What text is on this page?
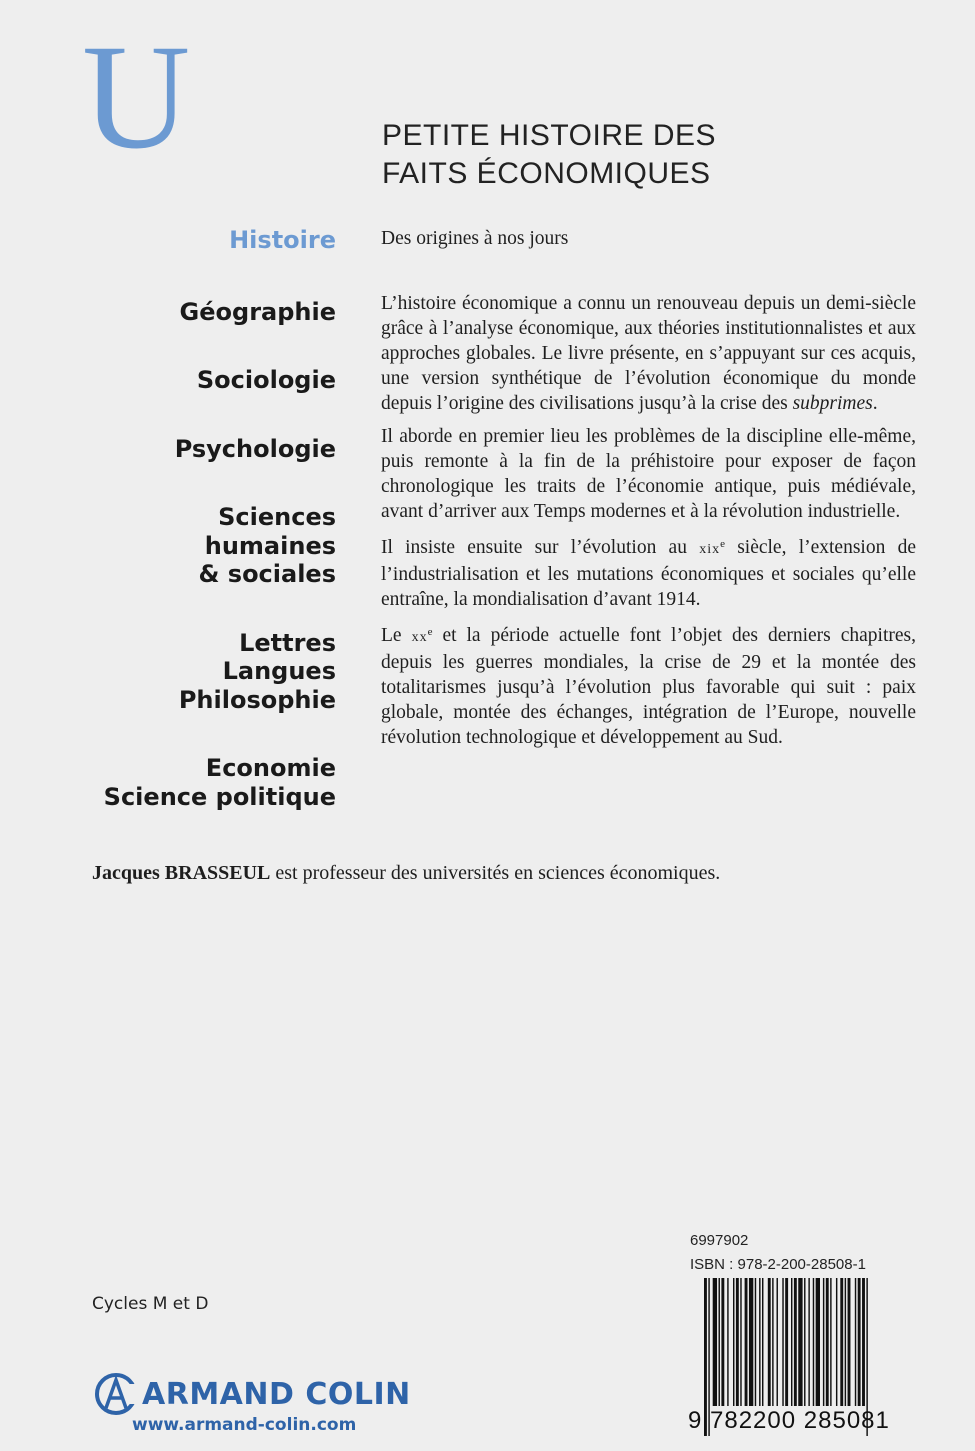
U	PETITE HISTOIRE DES
FAITS ÉCONOMIQUES
Histoire
Géographie
Sociologie
Psychologie
Sciences
humaines
& sociales
Lettres
Langues
Philosophie
Economie
Science politique

Des origines à nos jours

L’histoire économique a connu un renouveau depuis un demi-siècle grâce à l’analyse économique, aux théories institutionnalistes et aux approches globales. Le livre présente, en s’appuyant sur ces acquis, une version synthétique de l’évolution économique du monde depuis l’origine des civilisations jusqu’à la crise des subprimes.

Il aborde en premier lieu les problèmes de la discipline elle-même, puis remonte à la fin de la préhistoire pour exposer de façon chronologique les traits de l’économie antique, puis médiévale, avant d’arriver aux Temps modernes et à la révolution industrielle.

Il insiste ensuite sur l’évolution au xix$^e$ siècle, l’extension de l’industrialisation et les mutations économiques et sociales qu’elle entraîne, la mondialisation d’avant 1914.

Le $xx^e$ et la période actuelle font l’objet des derniers chapitres, depuis les guerres mondiales, la crise de 29 et la montée des totalitarismes jusqu’à l’évolution plus favorable qui suit : paix globale, montée des échanges, intégration de l’Europe, nouvelle révolution technologique et développement au Sud.

Jacques BRASSEUL est professeur des universités en sciences économiques.
6997902
ISBN : 978-2-200-28508-1
9 782200 285081
Cycles M et D
ARMAND COLIN
www.armand-colin.com
